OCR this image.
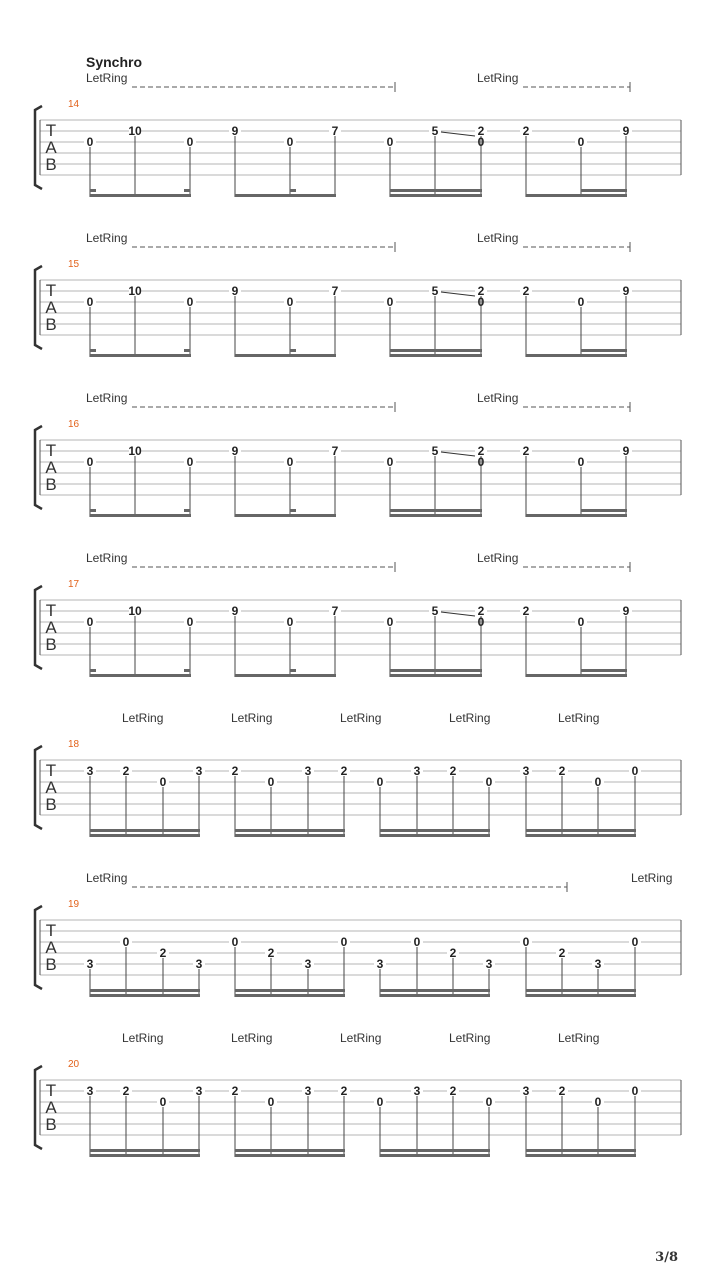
T
A
B
14
LetRing	LetRing
0
10
0
9
0
7
0
5	2	2
0
9
0
T
A
B
15
LetRing	LetRing
0
10
0
9
0
7
0
5	2	2
0
9
0
T
A
B
16
LetRing	LetRing
0
10
0
9
0
7
0
5	2	2
0
9
0
T
A
B
17
LetRing	LetRing
0
10
0
9
0
7
0
5	2	2
0
9
0
T
A
B
18
LetRing	LetRing	LetRing	LetRing	LetRing
3 2
0
3 2
0
3 2
0
3 2
0
3 2
0
0
T
A
B
19
LetRing	LetRing
3
0
2
3
0
2
3
0
3
0
2
3
0
2
3
0
T
A
B
20
LetRing	LetRing	LetRing	LetRing	LetRing
3 2
0
3 2
0
3 2
0
3 2
0
3 2
0
0
Synchro
3/8
